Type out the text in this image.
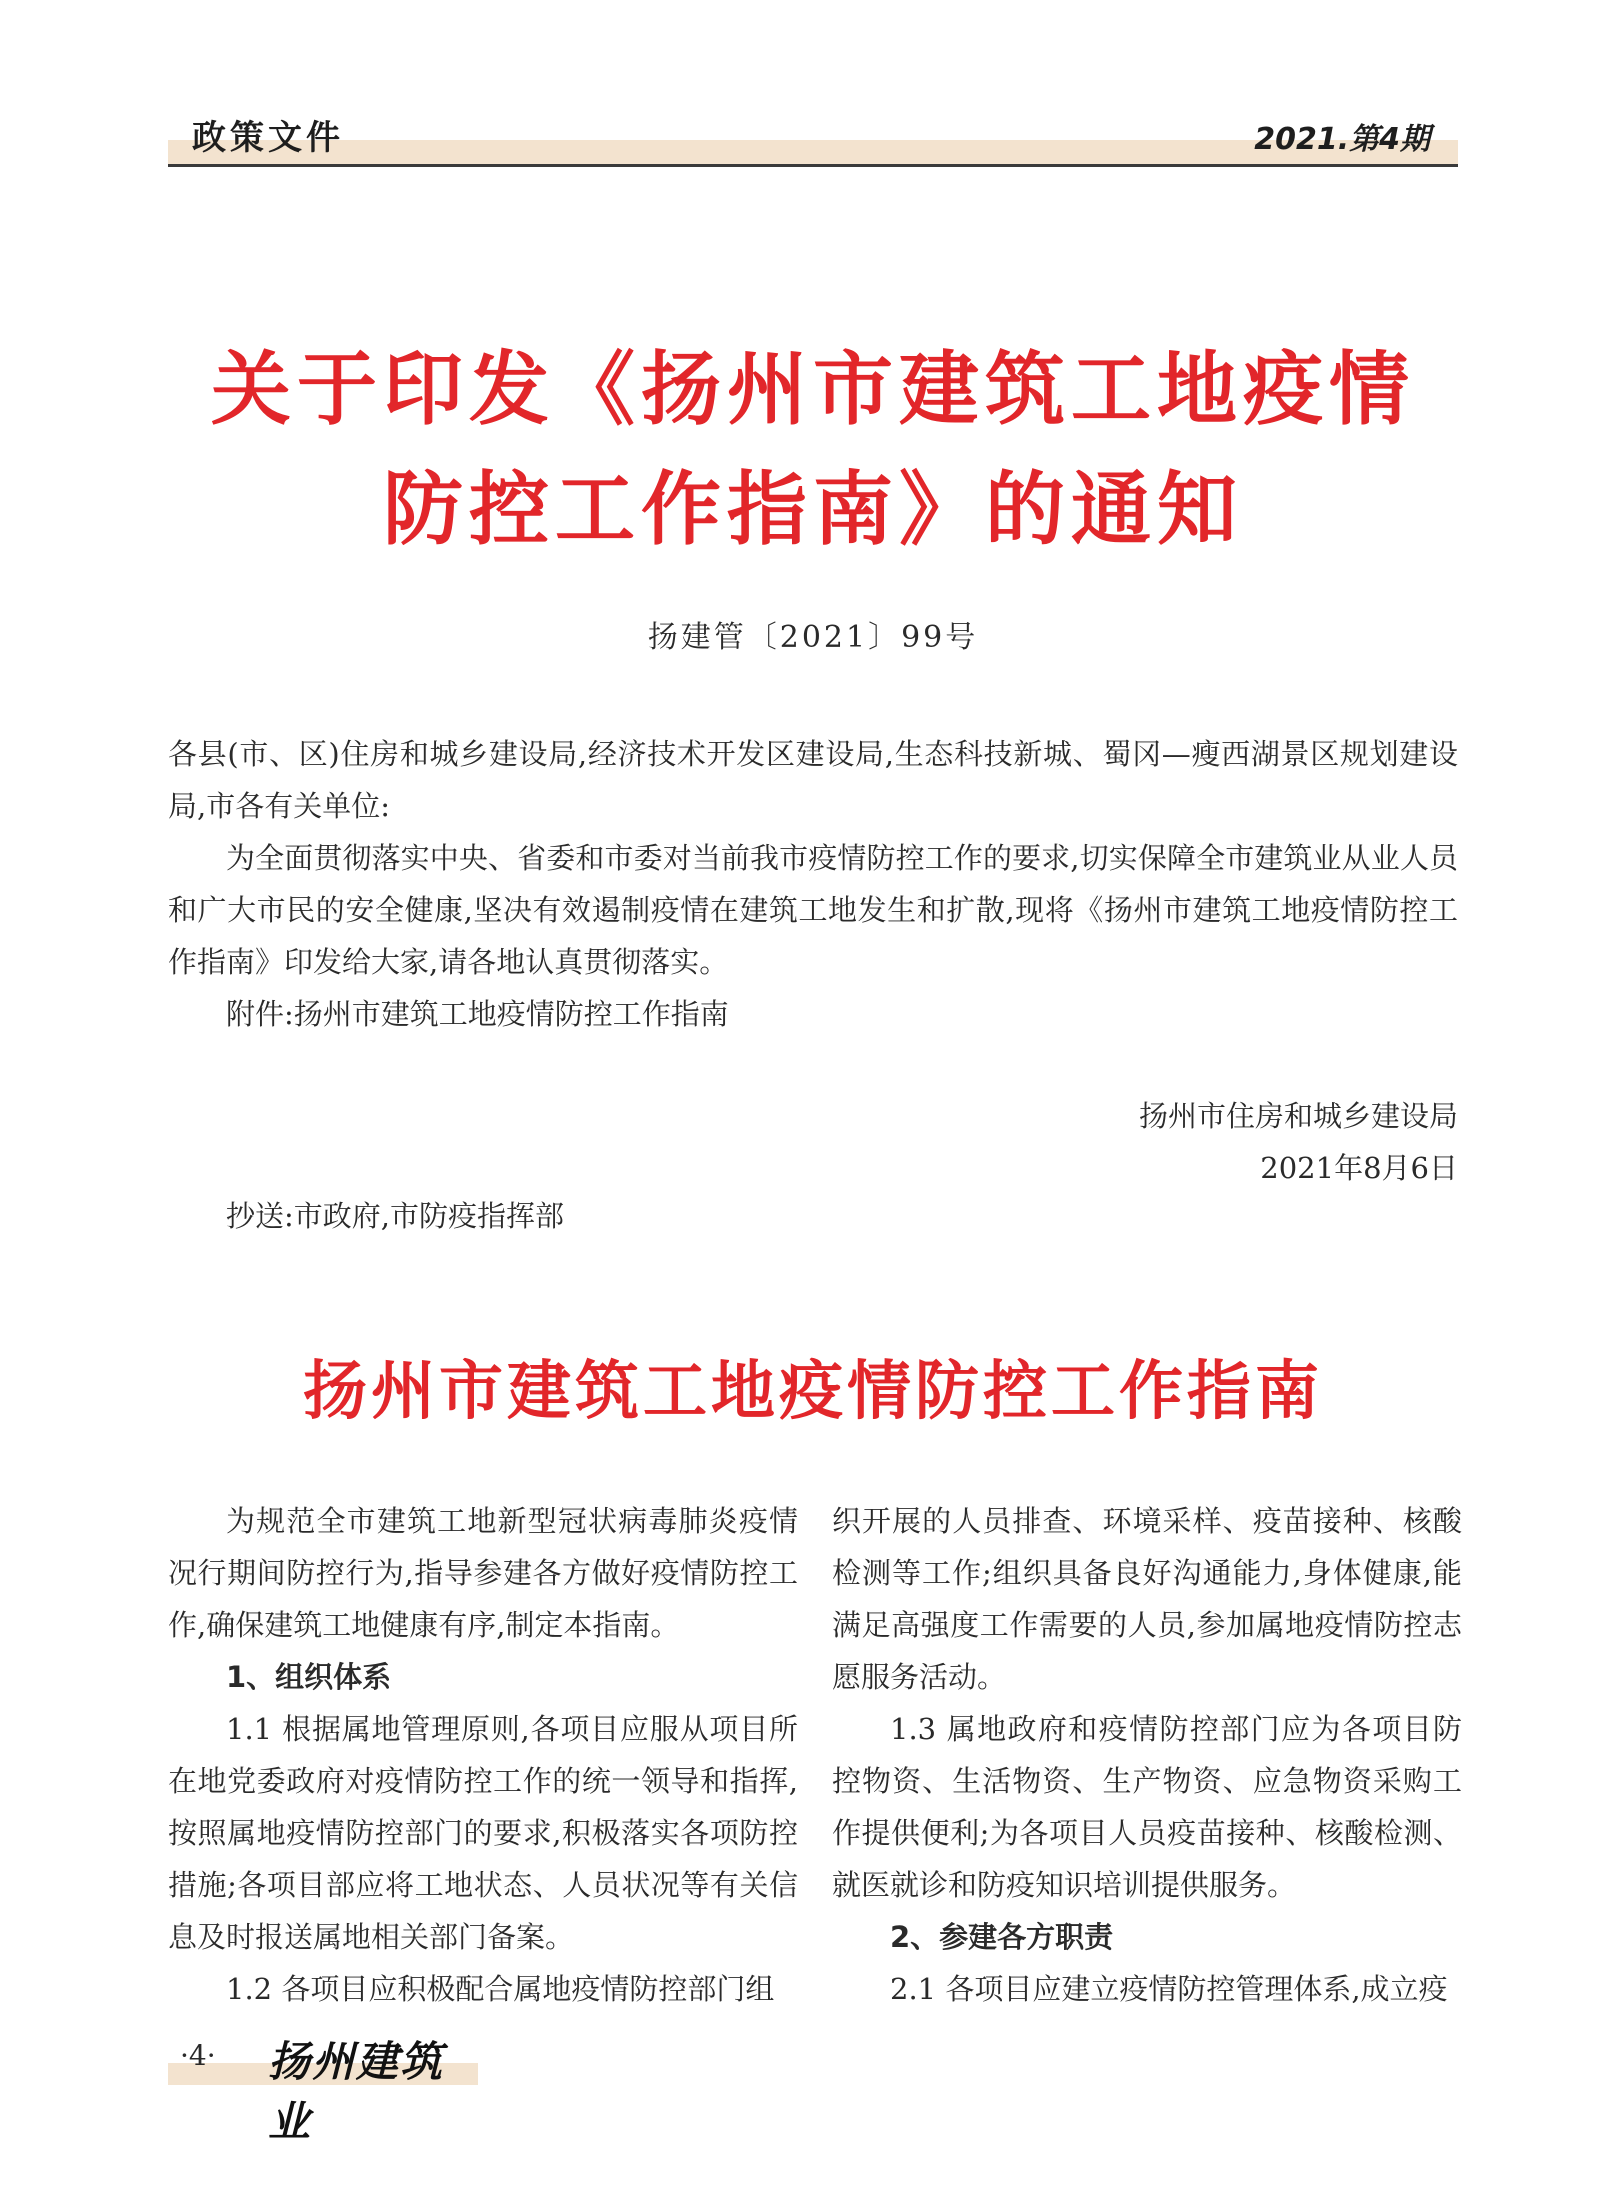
政策文件	2021.第4期
关于印发《扬州市建筑工地疫情
防控工作指南》的通知
扬建管〔2021〕99号

各县(市、区)住房和城乡建设局,经济技术开发区建设局,生态科技新城、蜀冈—瘦西湖景区规划建设局,市各有关单位:

为全面贯彻落实中央、省委和市委对当前我市疫情防控工作的要求,切实保障全市建筑业从业人员和广大市民的安全健康,坚决有效遏制疫情在建筑工地发生和扩散,现将《扬州市建筑工地疫情防控工作指南》印发给大家,请各地认真贯彻落实。

附件:扬州市建筑工地疫情防控工作指南

扬州市住房和城乡建设局
2021年8月6日

抄送:市政府,市防疫指挥部

扬州市建筑工地疫情防控工作指南

为规范全市建筑工地新型冠状病毒肺炎疫情况行期间防控行为,指导参建各方做好疫情防控工作,确保建筑工地健康有序,制定本指南。

1、组织体系

1.1 根据属地管理原则,各项目应服从项目所在地党委政府对疫情防控工作的统一领导和指挥,按照属地疫情防控部门的要求,积极落实各项防控措施;各项目部应将工地状态、人员状况等有关信息及时报送属地相关部门备案。

1.2 各项目应积极配合属地疫情防控部门组

织开展的人员排查、环境采样、疫苗接种、核酸检测等工作;组织具备良好沟通能力,身体健康,能满足高强度工作需要的人员,参加属地疫情防控志愿服务活动。

1.3 属地政府和疫情防控部门应为各项目防控物资、生活物资、生产物资、应急物资采购工作提供便利;为各项目人员疫苗接种、核酸检测、就医就诊和防疫知识培训提供服务。

2、参建各方职责

2.1 各项目应建立疫情防控管理体系,成立疫

·4· 扬州建筑业
